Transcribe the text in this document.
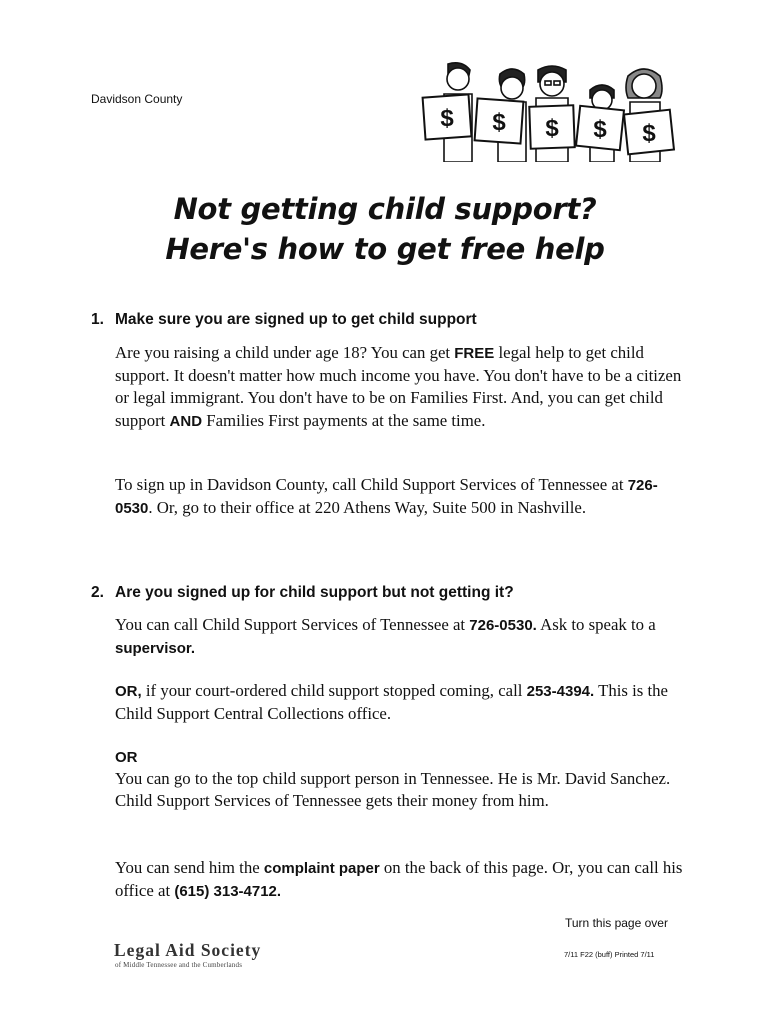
Davidson County
$ $ $ $ $
Not getting child support?
Here's how to get free help
1. Make sure you are signed up to get child support
Are you raising a child under age 18? You can get FREE legal help to get child support. It doesn't matter how much income you have. You don't have to be a citizen or legal immigrant. You don't have to be on Families First. And, you can get child support AND Families First payments at the same time.
To sign up in Davidson County, call Child Support Services of Tennessee at 726-0530. Or, go to their office at 220 Athens Way, Suite 500 in Nashville.
2. Are you signed up for child support but not getting it?
You can call Child Support Services of Tennessee at 726-0530. Ask to speak to a supervisor.
OR, if your court-ordered child support stopped coming, call 253-4394. This is the Child Support Central Collections office.
OR
You can go to the top child support person in Tennessee. He is Mr. David Sanchez. Child Support Services of Tennessee gets their money from him.
You can send him the complaint paper on the back of this page. Or, you can call his office at (615) 313-4712.
Turn this page over
Legal Aid Society
of Middle Tennessee and the Cumberlands
7/11 F22 (buff) Printed 7/11
